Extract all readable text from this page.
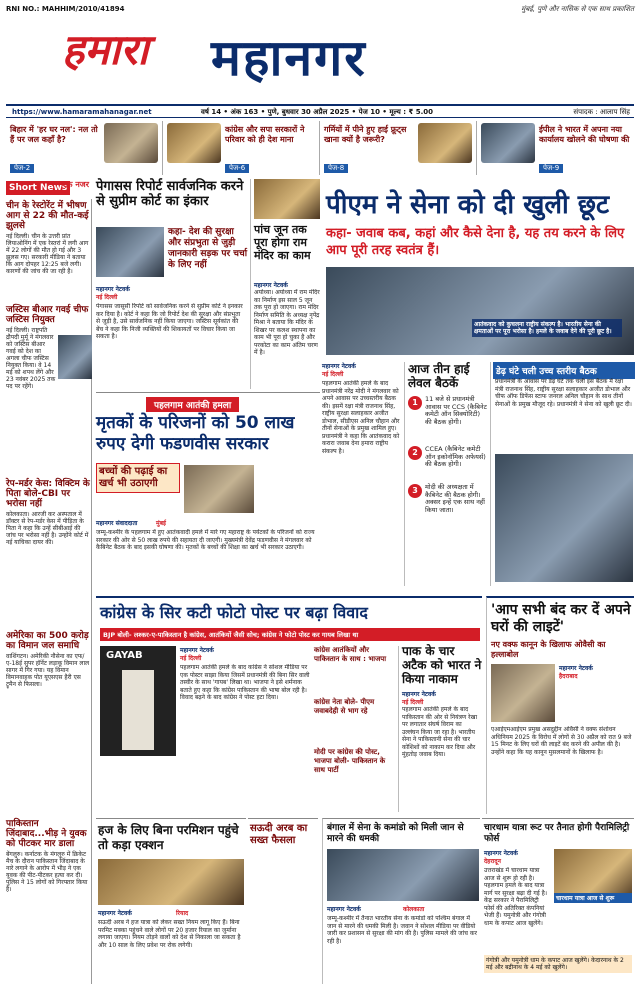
RNI NO.: MAHHIM/2010/41894	मुंबई, पुणे और नासिक से एक साथ प्रकाशित
हमारा महानगर
https://www.hamaramahanagar.net	वर्ष 14 • अंक 163 • पुणे, बुधवार 30 अप्रैल 2025 • पेज 10 • मूल्य : ₹ 5.00	संपादक : आलाप सिंह
बिहार में 'हर घर नल': नल तो हैं पर जल कहाँ है?
पेज-2
कांग्रेस और सपा सरकारों ने परिवार को ही देश माना
पेज-6
गर्मियों में पीने हुए हाई फ्रूट्स खाना क्यों है जरूरी?
पेज-8
ईपील ने भारत में अपना नया कार्यालय खोलने की घोषणा की
पेज-9
Short News
एक नजर
चीन के रेस्टोरेंट में भीषण आग से 22 की मौत-कई झुलसे

नई दिल्ली। चीन के उत्तरी प्रांत लियाओनिंग में एक रेस्तरां में लगी आग में 22 लोगों की मौत हो गई और 3 झुलस गए। सरकारी मीडिया ने बताया कि आग दोपहर 12:25 बजे लगी। कारणों की जांच की जा रही है।

जस्टिस बीआर गवई चीफ जस्टिस नियुक्त

नई दिल्ली। राष्ट्रपति द्रौपदी मुर्मू ने मंगलवार को जस्टिस बीआर गवई को देश का अगला चीफ जस्टिस नियुक्त किया। वे 14 मई को शपथ लेंगे और 23 नवंबर 2025 तक पद पर रहेंगे।

रेप-मर्डर केस: विक्टिम के पिता बोले-CBI पर भरोसा नहीं

कोलकाता। आरजी कर अस्पताल में डॉक्टर से रेप-मर्डर केस में पीड़िता के पिता ने कहा कि उन्हें सीबीआई की जांच पर भरोसा नहीं है। उन्होंने कोर्ट में नई याचिका दायर की।

अमेरिका का 500 करोड़ का विमान जल समाधि

वाशिंगटन। अमेरिकी नौसेना का एफ/ए-18ई सुपर हॉर्नेट लड़ाकू विमान लाल सागर में गिर गया। यह विमान विमानवाहक पोत यूएसएस हैरी एस ट्रूमैन से फिसला।

पाकिस्तान जिंदाबाद...भीड़ ने युवक को पीटकर मार डाला

बेंगलुरु। कर्नाटक के मंगलुरु में क्रिकेट मैच के दौरान पाकिस्तान जिंदाबाद के नारे लगाने के आरोप में भीड़ ने एक युवक की पीट-पीटकर हत्या कर दी। पुलिस ने 15 लोगों को गिरफ्तार किया है।

पेगासस रिपोर्ट सार्वजनिक करने से सुप्रीम कोर्ट का इंकार
कहा- देश की सुरक्षा और संप्रभुता से जुड़ी जानकारी सड़क पर चर्चा के लिए नहीं
महानगर नेटवर्क
नई दिल्ली
पेगासस जासूसी रिपोर्ट को सार्वजनिक करने से सुप्रीम कोर्ट ने इनकार कर दिया है। कोर्ट ने कहा कि जो रिपोर्ट देश की सुरक्षा और संप्रभुता से जुड़ी है, उसे सार्वजनिक नहीं किया जाएगा। जस्टिस सूर्यकांत की बेंच ने कहा कि निजी व्यक्तियों की शिकायतों पर विचार किया जा सकता है।
पांच जून तक पूरा होगा राम मंदिर का काम
महानगर नेटवर्क
अयोध्या। अयोध्या में राम मंदिर का निर्माण इस साल 5 जून तक पूरा हो जाएगा। राम मंदिर निर्माण समिति के अध्यक्ष नृपेंद्र मिश्रा ने बताया कि मंदिर के शिखर पर कलश स्थापना का काम भी पूरा हो चुका है और परकोटा का काम अंतिम चरण में है।
पीएम ने सेना को दी खुली छूट
कहा- जवाब कब, कहां और कैसे देना है, यह तय करने के लिए आप पूरी तरह स्वतंत्र हैं।
आतंकवाद को कुचलना राष्ट्रीय संकल्प है। भारतीय सेना की क्षमताओं पर पूरा भरोसा है। हमले के जवाब देने की पूरी छूट है।
महानगर नेटवर्क
नई दिल्ली
पहलगाम आतंकी हमले के बाद प्रधानमंत्री नरेंद्र मोदी ने मंगलवार को अपने आवास पर उच्चस्तरीय बैठक की। इसमें रक्षा मंत्री राजनाथ सिंह, राष्ट्रीय सुरक्षा सलाहकार अजीत डोभाल, सीडीएस अनिल चौहान और तीनों सेनाओं के प्रमुख शामिल हुए। प्रधानमंत्री ने कहा कि आतंकवाद को करारा जवाब देना हमारा राष्ट्रीय संकल्प है।
आज तीन हाई लेवल बैठकें
1	11 बजे से प्रधानमंत्री आवास पर CCS (कैबिनेट कमेटी ऑन सिक्योरिटी) की बैठक होगी।
2	CCEA (कैबिनेट कमेटी ऑन इकोनॉमिक अफेयर्स) की बैठक होगी।
3	मोदी की अध्यक्षता में कैबिनेट की बैठक होगी। अक्सर इन्हें एक साथ नहीं किया जाता।
डेढ़ घंटे चली उच्च स्तरीय बैठक
प्रधानमंत्री के आवास पर डेढ़ घंटे तक चली इस बैठक में रक्षा मंत्री राजनाथ सिंह, राष्ट्रीय सुरक्षा सलाहकार अजीत डोभाल और चीफ ऑफ डिफेंस स्टाफ जनरल अनिल चौहान के साथ तीनों सेनाओं के प्रमुख मौजूद रहे। प्रधानमंत्री ने सेना को खुली छूट दी।
पहलगाम आतंकी हमला
मृतकों के परिजनों को 50 लाख रुपए देगी फडणवीस सरकार
बच्चों की पढ़ाई का खर्च भी उठाएगी
महानगर संवाददाता	मुंबई
जम्मू-कश्मीर के पहलगाम में हुए आतंकवादी हमले में मारे गए महाराष्ट्र के पर्यटकों के परिजनों को राज्य सरकार की ओर से 50 लाख रुपये की सहायता दी जाएगी। मुख्यमंत्री देवेंद्र फडणवीस ने मंगलवार को कैबिनेट बैठक के बाद इसकी घोषणा की। मृतकों के बच्चों की शिक्षा का खर्च भी सरकार उठाएगी।
कांग्रेस के सिर कटी फोटो पोस्ट पर बढ़ा विवाद
BJP बोली- लश्कर-ए-पाकिस्तान है कांग्रेस, आतंकियों जैसी सोच; कांग्रेस ने फोटो पोस्ट कर गायब लिखा था
GAYAB	महानगर नेटवर्क
नई दिल्ली
पहलगाम आतंकी हमले के बाद कांग्रेस ने सोशल मीडिया पर एक पोस्टर साझा किया जिसमें प्रधानमंत्री की बिना सिर वाली तस्वीर के साथ 'गायब' लिखा था। भाजपा ने इसे शर्मनाक बताते हुए कहा कि कांग्रेस पाकिस्तान की भाषा बोल रही है। विवाद बढ़ने के बाद कांग्रेस ने पोस्ट हटा दिया।
कांग्रेस आतंकियों और पाकिस्तान के साथ : भाजपा
कांग्रेस नेता बोले- पीएम जवाबदेही से भाग रहे
मोदी पर कांग्रेस की पोस्ट, भाजपा बोली- पाकिस्तान के साथ पार्टी
पाक के चार अटैक को भारत ने किया नाकाम
महानगर नेटवर्क
नई दिल्ली
पहलगाम आतंकी हमले के बाद पाकिस्तान की ओर से नियंत्रण रेखा पर लगातार संघर्ष विराम का उल्लंघन किया जा रहा है। भारतीय सेना ने पाकिस्तानी सेना की चार कोशिशों को नाकाम कर दिया और मुंहतोड़ जवाब दिया।
'आप सभी बंद कर दें अपने घरों की लाइटें'
नए वक्फ कानून के खिलाफ ओवैसी का हल्लाबोल
महानगर नेटवर्क
हैदराबाद
एआईएमआईएम प्रमुख असदुद्दीन ओवैसी ने वक्फ संशोधन अधिनियम 2025 के विरोध में लोगों से 30 अप्रैल को रात 9 बजे 15 मिनट के लिए घरों की लाइटें बंद करने की अपील की है। उन्होंने कहा कि यह कानून मुसलमानों के खिलाफ है।
हज के लिए बिना परमिशन पहुंचे तो कड़ा एक्शन
महानगर नेटवर्क	रियाद
सऊदी अरब ने हज यात्रा को लेकर सख्त नियम लागू किए हैं। बिना परमिट मक्का पहुंचने वाले लोगों पर 20 हजार रियाल का जुर्माना लगाया जाएगा। नियम तोड़ने वालों को देश से निकाला जा सकता है और 10 साल के लिए प्रवेश पर रोक लगेगी।
सऊदी अरब का सख्त फैसला
बंगाल में सेना के कमांडो को मिली जान से मारने की धमकी
महानगर नेटवर्क	कोलकाता
जम्मू-कश्मीर में तैनात भारतीय सेना के कमांडो को पश्चिम बंगाल में जान से मारने की धमकी मिली है। जवान ने सोशल मीडिया पर वीडियो जारी कर प्रशासन से सुरक्षा की मांग की है। पुलिस मामले की जांच कर रही है।
चारधाम यात्रा रूट पर तैनात होगी पैरामिलिट्री फोर्स
चारधाम यात्रा आज से शुरू
महानगर नेटवर्क
देहरादून
उत्तराखंड में चारधाम यात्रा आज से शुरू हो रही है। पहलगाम हमले के बाद यात्रा मार्ग पर सुरक्षा बढ़ा दी गई है। केंद्र सरकार ने पैरामिलिट्री फोर्स की अतिरिक्त कंपनियां भेजी हैं। यमुनोत्री और गंगोत्री धाम के कपाट आज खुलेंगे।
गंगोत्री और यमुनोत्री धाम के कपाट आज खुलेंगे। केदारनाथ के 2 मई और बद्रीनाथ के 4 मई को खुलेंगे।
